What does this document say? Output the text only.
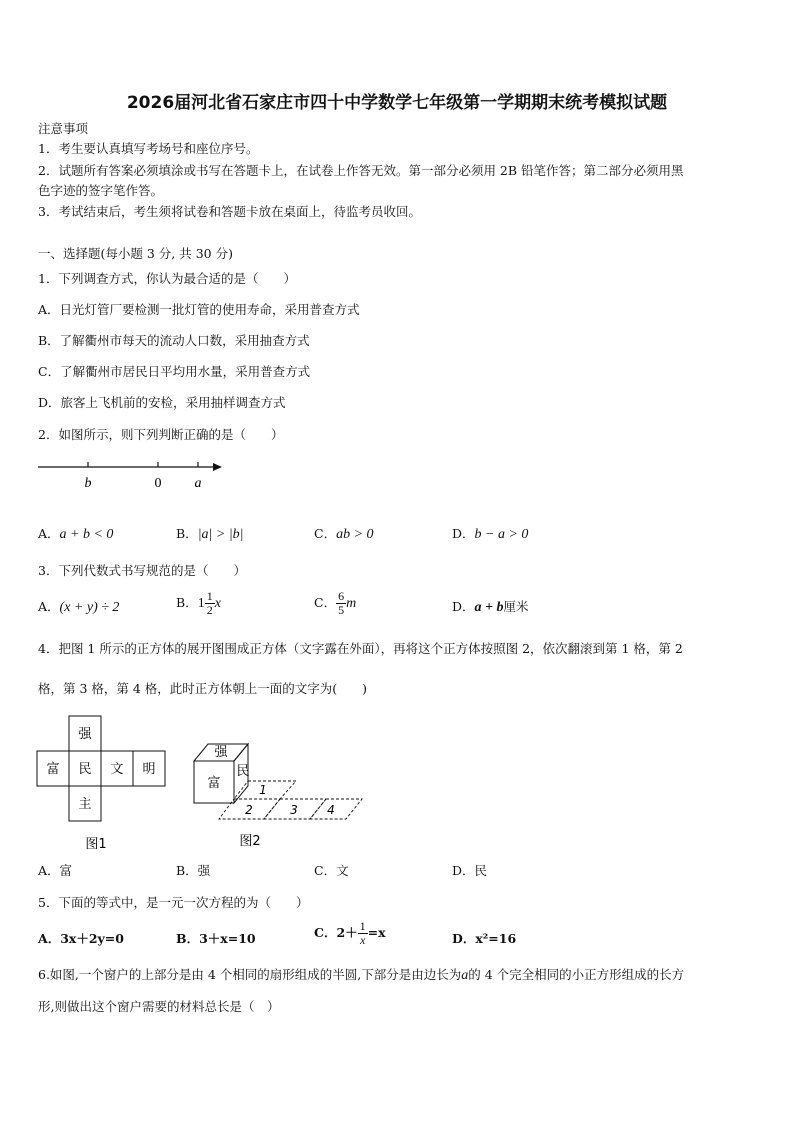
2026届河北省石家庄市四十中学数学七年级第一学期期末统考模拟试题
注意事项
1．考生要认真填写考场号和座位序号。
2．试题所有答案必须填涂或书写在答题卡上，在试卷上作答无效。第一部分必须用 2B 铅笔作答；第二部分必须用黑
色字迹的签字笔作答。
3．考试结束后，考生须将试卷和答题卡放在桌面上，待监考员收回。
一、选择题(每小题 3 分, 共 30 分)
1．下列调查方式，你认为最合适的是（　　）
A．日光灯管厂要检测一批灯管的使用寿命，采用普查方式
B．了解衢州市每天的流动人口数，采用抽查方式
C．了解衢州市居民日平均用水量，采用普查方式
D．旅客上飞机前的安检，采用抽样调查方式
2．如图所示，则下列判断正确的是（　　）
b	0 a
A．a + b < 0	B．|a| > |b|	C．ab > 0	D．b − a > 0
3．下列代数式书写规范的是（　　）
A．(x + y) ÷ 2	B．$1 \frac{1}{2}$ x	C． $\frac{6}{5}$ m	D．a + b厘米
4．把图 1 所示的正方体的展开图围成正方体（文字露在外面），再将这个正方体按照图 2，依次翻滚到第 1 格，第 2
格，第 3 格，第 4 格，此时正方体朝上一面的文字为(　　)
强
富 民 文 明
主
图1
强
富
民
1
2	3 4
图2
A．富	B．强	C．文	D．民
5．下面的等式中，是一元一次方程的为（　　）
A．3x＋2y=0	B．3＋x=10	C．$2+ \frac{1}{x} =x$	D．x²=16
6.如图,一个窗户的上部分是由 4 个相同的扇形组成的半圆,下部分是由边长为a的 4 个完全相同的小正方形组成的长方
形,则做出这个窗户需要的材料总长是（　）
